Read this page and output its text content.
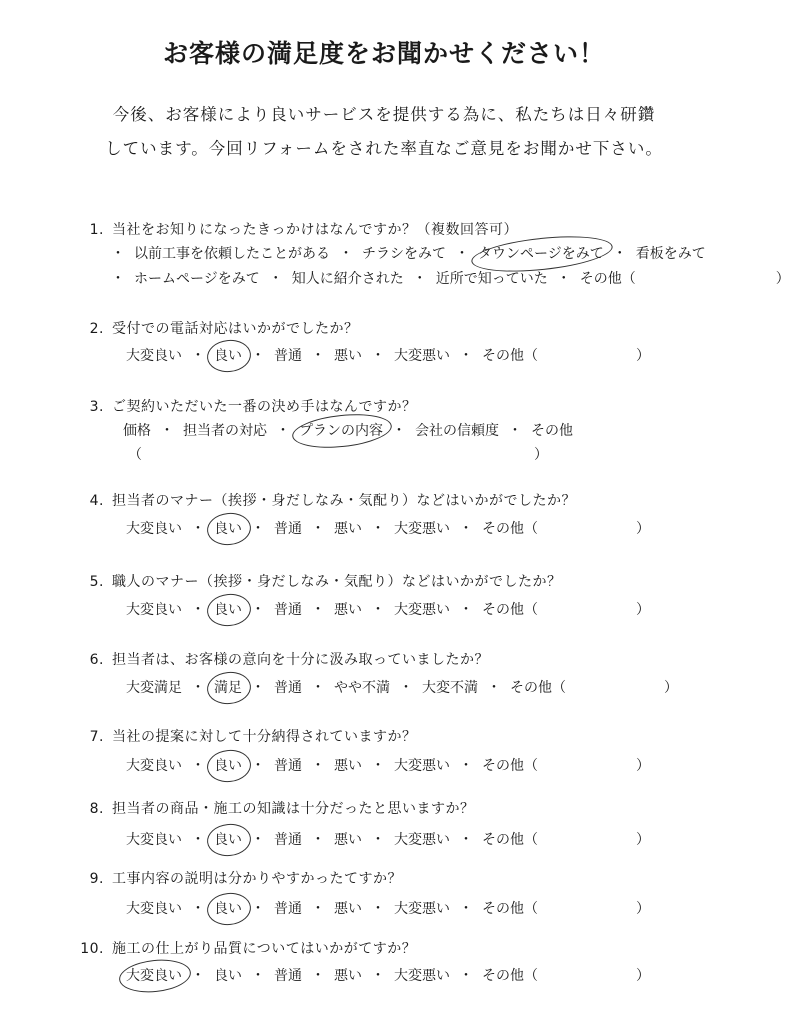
お客様の満足度をお聞かせください！
今後、お客様により良いサービスを提供する為に、私たちは日々研鑽
しています。今回リフォームをされた率直なご意見をお聞かせ下さい。
1. 当社をお知りになったきっかけはなんですか？（複数回答可）
・ 以前工事を依頼したことがある ・ チラシをみて ・ タウンページをみて ・ 看板をみて
・ ホームページをみて ・ 知人に紹介された ・ 近所で知っていた ・ その他（　　　　　　　　　　）
2. 受付での電話対応はいかがでしたか？
大変良い ・ 良い ・ 普通 ・ 悪い ・ 大変悪い ・ その他（　　　　　　　）
3. ご契約いただいた一番の決め手はなんですか？
価格 ・ 担当者の対応 ・ プランの内容 ・ 会社の信頼度 ・ その他
（　　　　　　　　　　　　　　　　　　　　　　　　　　　　）
4. 担当者のマナー（挨拶・身だしなみ・気配り）などはいかがでしたか？
大変良い ・ 良い ・ 普通 ・ 悪い ・ 大変悪い ・ その他（　　　　　　　）
5. 職人のマナー（挨拶・身だしなみ・気配り）などはいかがでしたか？
大変良い ・ 良い ・ 普通 ・ 悪い ・ 大変悪い ・ その他（　　　　　　　）
6. 担当者は、お客様の意向を十分に汲み取っていましたか？
大変満足 ・ 満足 ・ 普通 ・ やや不満 ・ 大変不満 ・ その他（　　　　　　　）
7. 当社の提案に対して十分納得されていますか？
大変良い ・ 良い ・ 普通 ・ 悪い ・ 大変悪い ・ その他（　　　　　　　）
8. 担当者の商品・施工の知識は十分だったと思いますか？
大変良い ・ 良い ・ 普通 ・ 悪い ・ 大変悪い ・ その他（　　　　　　　）
9. 工事内容の説明は分かりやすかったてすか？
大変良い ・ 良い ・ 普通 ・ 悪い ・ 大変悪い ・ その他（　　　　　　　）
10. 施工の仕上がり品質についてはいかがてすか？
大変良い ・ 良い ・ 普通 ・ 悪い ・ 大変悪い ・ その他（　　　　　　　）
